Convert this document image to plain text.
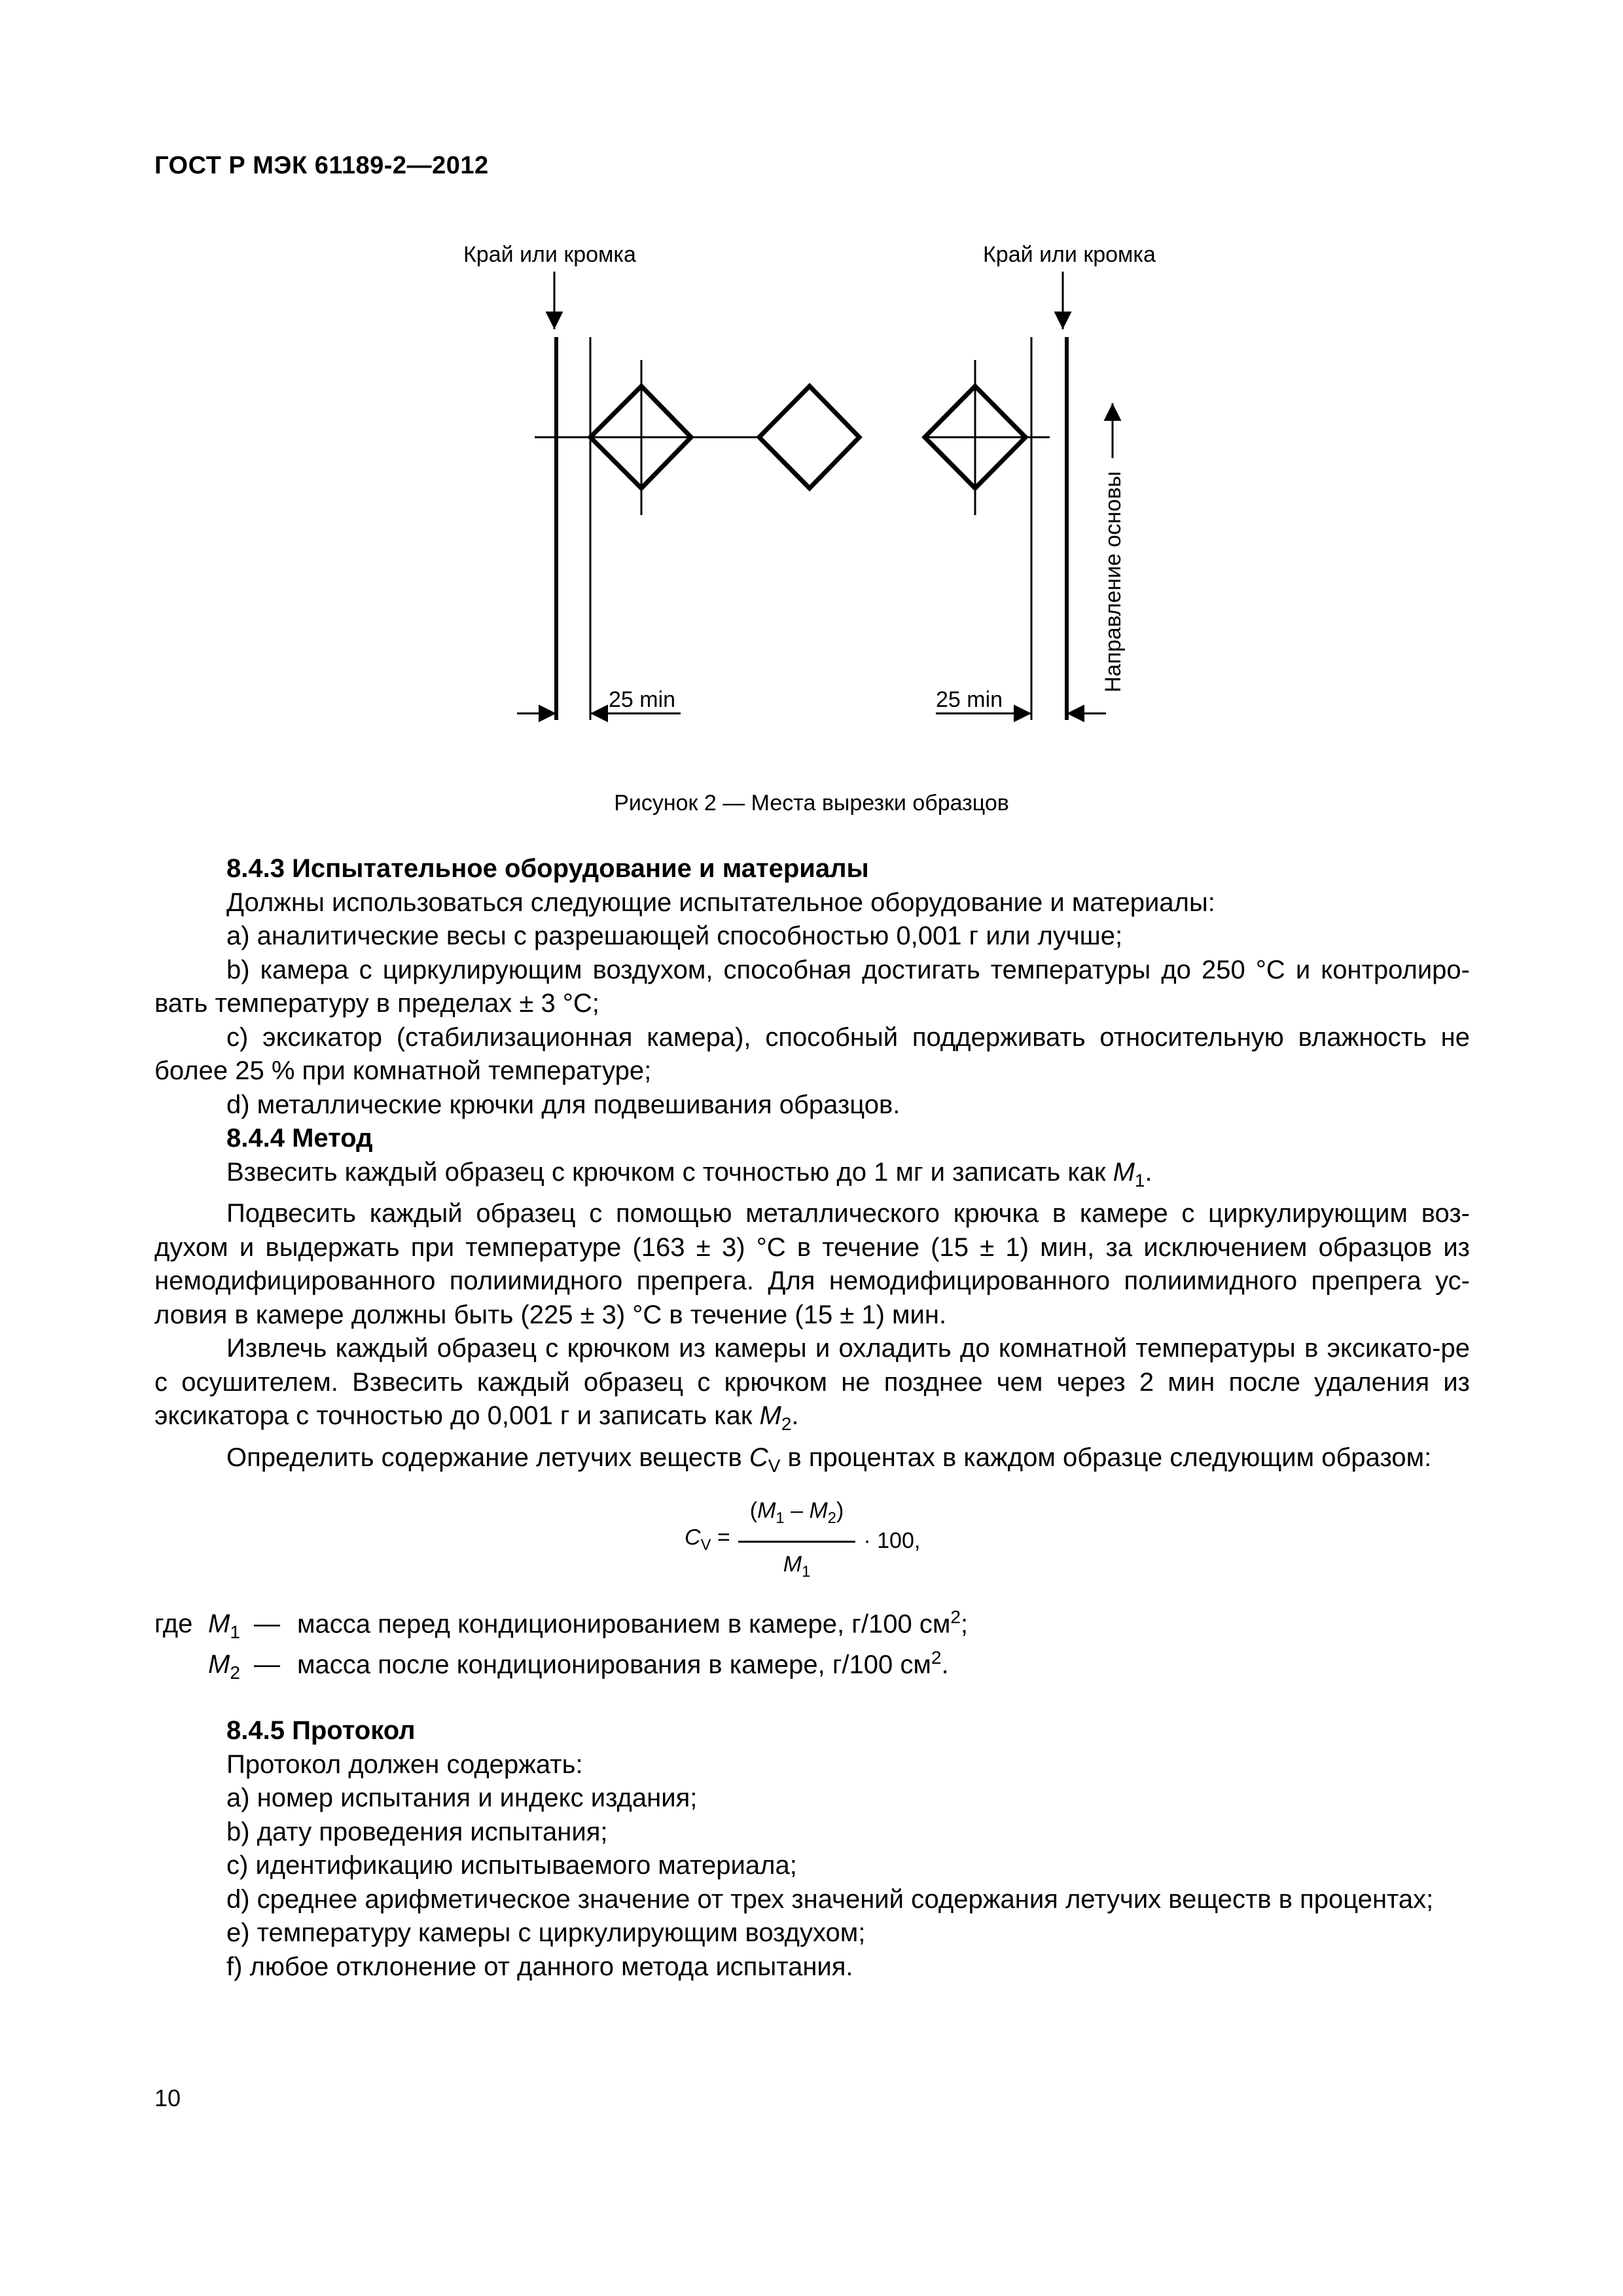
ГОСТ Р МЭК 61189-2—2012
Край или кромка	Край или кромка
25 min	25 min
Направление основы
Рисунок 2 — Места вырезки образцов

8.4.3 Испытательное оборудование и материалы

Должны использоваться следующие испытательное оборудование и материалы:

a) аналитические весы с разрешающей способностью 0,001 г или лучше;

b) камера с циркулирующим воздухом, способная достигать температуры до 250 °C и контролиро-вать температуру в пределах ± 3 °C;

c) эксикатор (стабилизационная камера), способный поддерживать относительную влажность не более 25 % при комнатной температуре;

d) металлические крючки для подвешивания образцов.

8.4.4 Метод

Взвесить каждый образец с крючком с точностью до 1 мг и записать как $M_1$.

Подвесить каждый образец с помощью металлического крючка в камере с циркулирующим воз-духом и выдержать при температуре (163 ± 3) °C в течение (15 ± 1) мин, за исключением образцов из немодифицированного полиимидного препрега. Для немодифицированного полиимидного препрега ус-ловия в камере должны быть (225 ± 3) °C в течение (15 ± 1) мин.

Извлечь каждый образец с крючком из камеры и охладить до комнатной температуры в эксикато-ре с осушителем. Взвесить каждый образец с крючком не позднее чем через 2 мин после удаления из эксикатора с точностью до 0,001 г и записать как $M_2$.

Определить содержание летучих веществ $C_V$ в процентах в каждом образце следующим образом:

$C_V = \frac{(M_1 - M_2)}{M_1} \cdot 100$,
где $M_1$ — масса перед кондиционированием в камере, г/100 $см^2$;
$M_2$ — масса после кондиционирования в камере, г/100 $см^2$.

8.4.5 Протокол

Протокол должен содержать:

a) номер испытания и индекс издания;

b) дату проведения испытания;

c) идентификацию испытываемого материала;

d) среднее арифметическое значение от трех значений содержания летучих веществ в процентах;

e) температуру камеры с циркулирующим воздухом;

f) любое отклонение от данного метода испытания.

10
